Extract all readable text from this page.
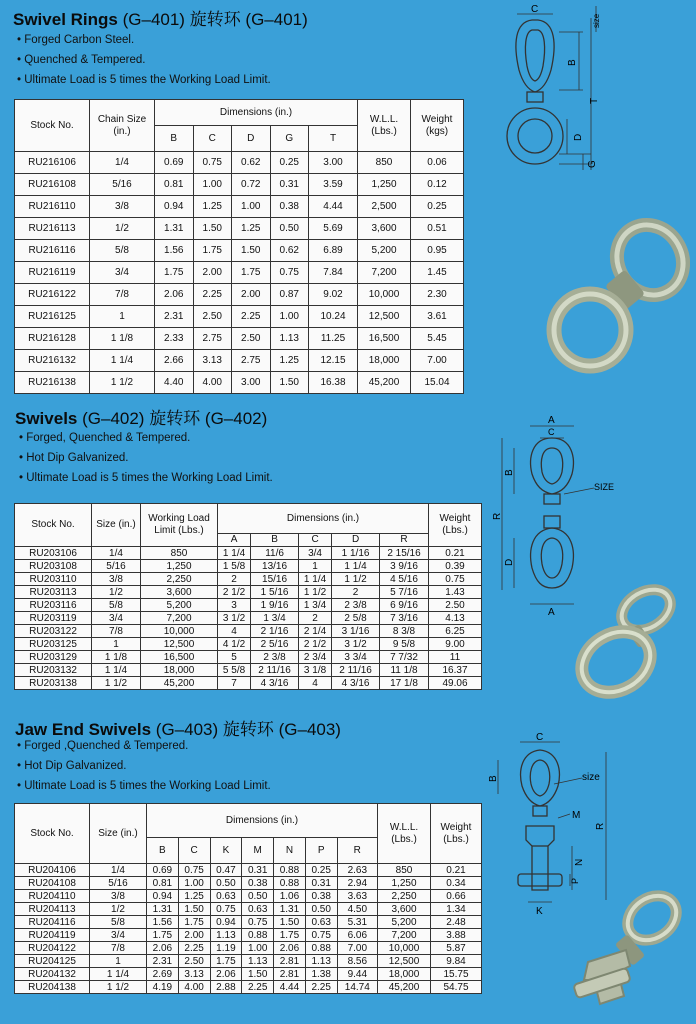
Swivel Rings (G–401) 旋转环 (G–401)
• Forged Carbon Steel.
• Quenched & Tempered.
• Ultimate Load is 5 times the Working Load Limit.
Stock No.	Chain Size (in.)	Dimensions (in.)					W.L.L. (Lbs.)	Weight (kgs)
		B	C	D	G	T		
RU216106	1/4	0.69	0.75	0.62	0.25	3.00	850	0.06
RU216108	5/16	0.81	1.00	0.72	0.31	3.59	1,250	0.12
RU216110	3/8	0.94	1.25	1.00	0.38	4.44	2,500	0.25
RU216113	1/2	1.31	1.50	1.25	0.50	5.69	3,600	0.51
RU216116	5/8	1.56	1.75	1.50	0.62	6.89	5,200	0.95
RU216119	3/4	1.75	2.00	1.75	0.75	7.84	7,200	1.45
RU216122	7/8	2.06	2.25	2.00	0.87	9.02	10,000	2.30
RU216125	1	2.31	2.50	2.25	1.00	10.24	12,500	3.61
RU216128	1 1/8	2.33	2.75	2.50	1.13	11.25	16,500	5.45
RU216132	1 1/4	2.66	3.13	2.75	1.25	12.15	18,000	7.00
RU216138	1 1/2	4.40	4.00	3.00	1.50	16.38	45,200	15.04
C
size
B
T
D
G
Swivels (G–402) 旋转环 (G–402)
• Forged, Quenched & Tempered.
• Hot Dip Galvanized.
• Ultimate Load is 5 times the Working Load Limit.
Stock No.	Size (in.)	Working Load Limit (Lbs.)	Dimensions (in.)					Weight (Lbs.)
			A	B	C	D	R	
RU203106	1/4	850	1 1/4	11/6	3/4	1 1/16	2 15/16	0.21
RU203108	5/16	1,250	1 5/8	13/16	1	1 1/4	3 9/16	0.39
RU203110	3/8	2,250	2	15/16	1 1/4	1 1/2	4 5/16	0.75
RU203113	1/2	3,600	2 1/2	1 5/16	1 1/2	2	5 7/16	1.43
RU203116	5/8	5,200	3	1 9/16	1 3/4	2 3/8	6 9/16	2.50
RU203119	3/4	7,200	3 1/2	1 3/4	2	2 5/8	7 3/16	4.13
RU203122	7/8	10,000	4	2 1/16	2 1/4	3 1/16	8 3/8	6.25
RU203125	1	12,500	4 1/2	2 5/16	2 1/2	3 1/2	9 5/8	9.00
RU203129	1 1/8	16,500	5	2 3/8	2 3/4	3 3/4	7 7/32	11
RU203132	1 1/4	18,000	5 5/8	2 11/16	3 1/8	2 11/16	11 1/8	16.37
RU203138	1 1/2	45,200	7	4 3/16	4	4 3/16	17 1/8	49.06
A
C
B
SIZE
R
D
A
Jaw End Swivels (G–403) 旋转环 (G–403)
• Forged ,Quenched & Tempered.
• Hot Dip Galvanized.
• Ultimate Load is 5 times the Working Load Limit.
Stock No.	Size (in.)	Dimensions (in.)							W.L.L. (Lbs.)	Weight (Lbs.)
		B	C	K	M	N	P	R		
RU204106	1/4	0.69	0.75	0.47	0.31	0.88	0.25	2.63	850	0.21
RU204108	5/16	0.81	1.00	0.50	0.38	0.88	0.31	2.94	1,250	0.34
RU204110	3/8	0.94	1.25	0.63	0.50	1.06	0.38	3.63	2,250	0.66
RU204113	1/2	1.31	1.50	0.75	0.63	1.31	0.50	4.50	3,600	1.34
RU204116	5/8	1.56	1.75	0.94	0.75	1.50	0.63	5.31	5,200	2.48
RU204119	3/4	1.75	2.00	1.13	0.88	1.75	0.75	6.06	7,200	3.88
RU204122	7/8	2.06	2.25	1.19	1.00	2.06	0.88	7.00	10,000	5.87
RU204125	1	2.31	2.50	1.75	1.13	2.81	1.13	8.56	12,500	9.84
RU204132	1 1/4	2.69	3.13	2.06	1.50	2.81	1.38	9.44	18,000	15.75
RU204138	1 1/2	4.19	4.00	2.88	2.25	4.44	2.25	14.74	45,200	54.75
C
B	size
M
R
N
P
K
